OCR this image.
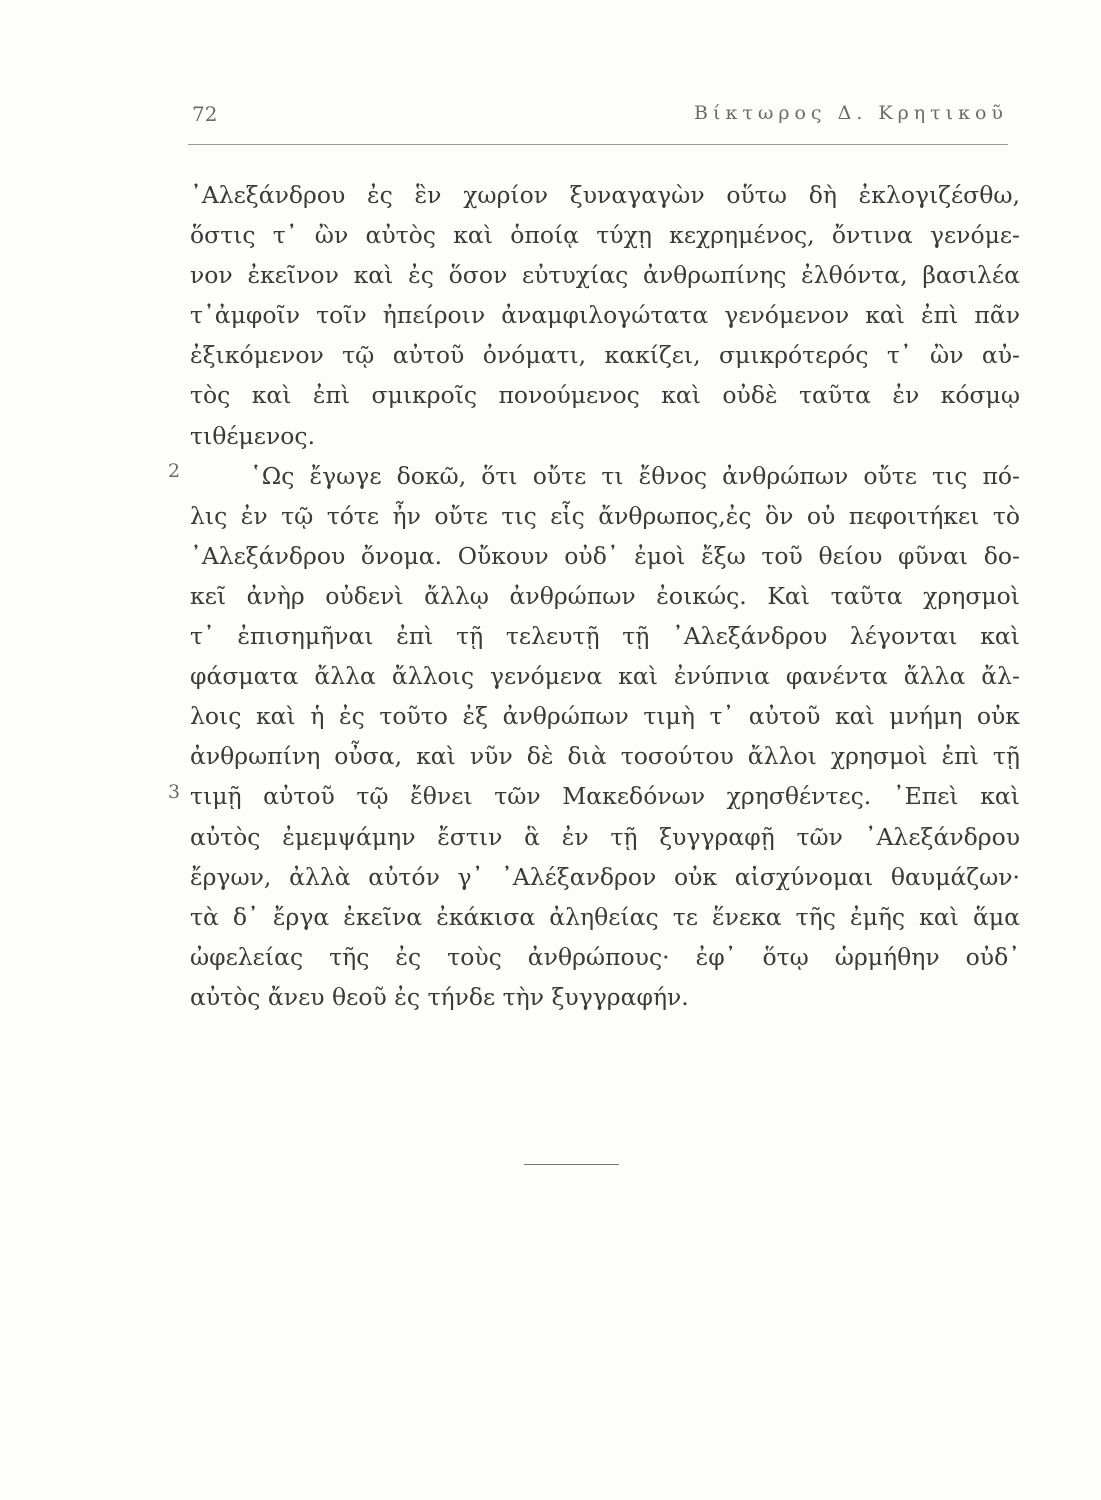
72	Βίκτωρος Δ. Κρητικοῦ
2
3
᾿Αλεξάνδρου ἐς ἓν χωρίον ξυναγαγὼν οὕτω δὴ ἐκλογιζέσθω,
ὅστις τ᾿ ὢν αὐτὸς καὶ ὁποίᾳ τύχῃ κεχρημένος, ὄντινα γενόμε-
νον ἐκεῖνον καὶ ἐς ὅσον εὐτυχίας ἀνθρωπίνης ἐλθόντα, βασιλέα
τ᾿ἀμφοῖν τοῖν ἠπείροιν ἀναμφιλογώτατα γενόμενον καὶ ἐπὶ πᾶν
ἐξικόμενον τῷ αὐτοῦ ὀνόματι, κακίζει, σμικρότερός τ᾿ ὢν αὐ-
τὸς καὶ ἐπὶ σμικροῖς πονούμενος καὶ οὐδὲ ταῦτα ἐν κόσμῳ
τιθέμενος.
῾Ως ἔγωγε δοκῶ, ὅτι οὔτε τι ἔθνος ἀνθρώπων οὔτε τις πό-
λις ἐν τῷ τότε ἦν οὔτε τις εἷς ἄνθρωπος,ἐς ὃν οὐ πεφοιτήκει τὸ
᾿Αλεξάνδρου ὄνομα. Οὔκουν οὐδ᾿ ἐμοὶ ἔξω τοῦ θείου φῦναι δο-
κεῖ ἀνὴρ οὐδενὶ ἄλλῳ ἀνθρώπων ἐοικώς. Καὶ ταῦτα χρησμοὶ
τ᾿ ἐπισημῆναι ἐπὶ τῇ τελευτῇ τῇ ᾿Αλεξάνδρου λέγονται καὶ
φάσματα ἄλλα ἄλλοις γενόμενα καὶ ἐνύπνια φανέντα ἄλλα ἄλ-
λοις καὶ ἡ ἐς τοῦτο ἐξ ἀνθρώπων τιμὴ τ᾿ αὐτοῦ καὶ μνήμη οὐκ
ἀνθρωπίνη οὖσα, καὶ νῦν δὲ διὰ τοσούτου ἄλλοι χρησμοὶ ἐπὶ τῇ
τιμῇ αὐτοῦ τῷ ἔθνει τῶν Μακεδόνων χρησθέντες. ᾿Επεὶ καὶ
αὐτὸς ἐμεμψάμην ἔστιν ἃ ἐν τῇ ξυγγραφῇ τῶν ᾿Αλεξάνδρου
ἔργων, ἀλλὰ αὐτόν γ᾿ ᾿Αλέξανδρον οὐκ αἰσχύνομαι θαυμάζων·
τὰ δ᾿ ἔργα ἐκεῖνα ἐκάκισα ἀληθείας τε ἕνεκα τῆς ἐμῆς καὶ ἅμα
ὠφελείας τῆς ἐς τοὺς ἀνθρώπους· ἐφ᾿ ὅτῳ ὡρμήθην οὐδ᾿
αὐτὸς ἄνευ θεοῦ ἐς τήνδε τὴν ξυγγραφήν.
